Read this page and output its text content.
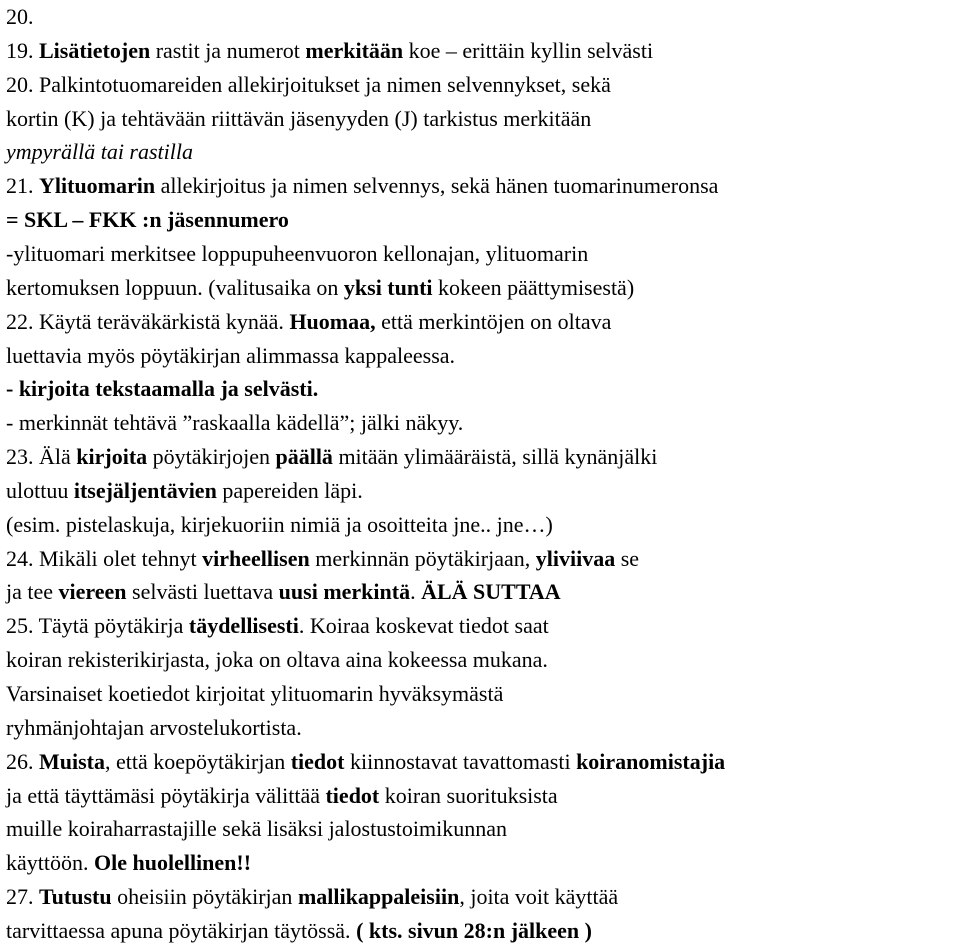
20.
19. Lisätietojen rastit ja numerot merkitään koe – erittäin kyllin selvästi
20. Palkintotuomareiden allekirjoitukset ja nimen selvennykset, sekä
kortin (K) ja tehtävään riittävän jäsenyyden (J) tarkistus merkitään
ympyrällä tai rastilla
21. Ylituomarin allekirjoitus ja nimen selvennys, sekä hänen tuomarinumeronsa
= SKL – FKK :n jäsennumero
-ylituomari merkitsee loppupuheenvuoron kellonajan, ylituomarin
kertomuksen loppuun. (valitusaika on yksi tunti kokeen päättymisestä)
22. Käytä teräväkärkistä kynää. Huomaa, että merkintöjen on oltava
luettavia myös pöytäkirjan alimmassa kappaleessa.
- kirjoita tekstaamalla ja selvästi.
- merkinnät tehtävä ”raskaalla kädellä”; jälki näkyy.
23. Älä kirjoita pöytäkirjojen päällä mitään ylimääräistä, sillä kynänjälki
ulottuu itsejäljentävien papereiden läpi.
(esim. pistelaskuja, kirjekuoriin nimiä ja osoitteita jne.. jne…)
24. Mikäli olet tehnyt virheellisen merkinnän pöytäkirjaan, yliviivaa se
ja tee viereen selvästi luettava uusi merkintä. ÄLÄ SUTTAA
25. Täytä pöytäkirja täydellisesti. Koiraa koskevat tiedot saat
koiran rekisterikirjasta, joka on oltava aina kokeessa mukana.
Varsinaiset koetiedot kirjoitat ylituomarin hyväksymästä
ryhmänjohtajan arvostelukortista.
26. Muista, että koepöytäkirjan tiedot kiinnostavat tavattomasti koiranomistajia
ja että täyttämäsi pöytäkirja välittää tiedot koiran suorituksista
muille koiraharrastajille sekä lisäksi jalostustoimikunnan
käyttöön. Ole huolellinen!!
27. Tutustu oheisiin pöytäkirjan mallikappaleisiin, joita voit käyttää
tarvittaessa apuna pöytäkirjan täytössä. ( kts. sivun 28:n jälkeen )
